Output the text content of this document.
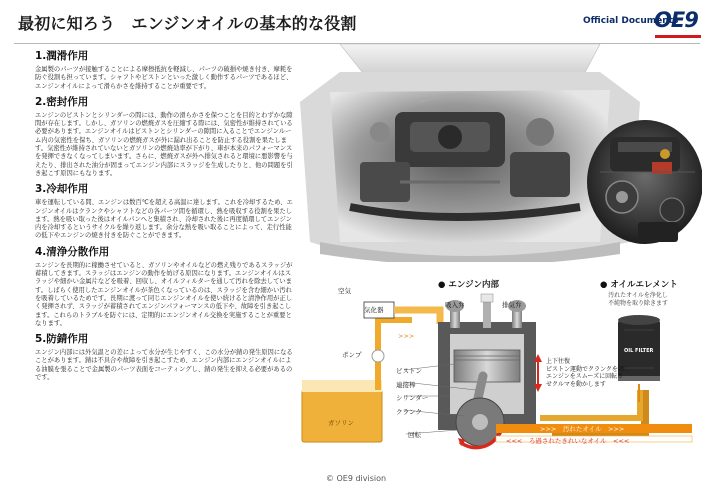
最初に知ろう　エンジンオイルの基本的な役割	Official Documents
OE9
1.潤滑作用
金属製のパーツが接触することによる摩擦抵抗を軽減し、パーツの破損や焼き付き、摩耗を防ぐ役割も担っています。シャフトやピストンといった激しく動作するパーツであるほど、エンジンオイルによって滑らかさを維持することが重要です。
2.密封作用
エンジンのピストンとシリンダーの間には、動作の滑らかさを保つことを目的とわずかな隙間が存在します。しかし、ガソリンの燃焼ガスを圧縮する際には、気密性が維持されている必要があります。エンジンオイルはピストンとシリンダーの隙間に入ることでエンジンルーム内の気密性を保ち、ガソリンの燃焼ガスが外に漏れ出ることを防止する役割を果たします。気密性が維持されていないとガソリンの燃焼効率が下がり、車が本来のパフォーマンスを発揮できなくなってしまいます。さらに、燃焼ガスが外へ排気されると環境に悪影響を与えたり、排出された油分が固まってエンジン内部にスラッジを生成したりと、他の問題を引き起こす原因にもなります。
3.冷却作用
車を運転している間、エンジンは数百℃を超える高温に達します。これを冷却するため、エンジンオイルはクランクやシャフトなどの各パーツ間を循環し、熱を吸収する役割を果たします。熱を吸い取った後はオイルパンへと集積され、冷却された後に再度循環してエンジン内を冷却するというサイクルを繰り返します。余分な熱を吸い取ることによって、走行性能の低下やエンジンの焼き付きを防ぐことができます。
4.清浄分散作用
エンジンを長期的に稼働させていると、ガソリンやオイルなどの燃え残りであるスラッジが蓄積してきます。スラッジはエンジンの動作を妨げる原因になります。エンジンオイルはスラッジや細かい金属片などを吸着、回収し、オイルフィルターを通して汚れを除去しています。しばらく使用したエンジンオイルが茶色くなっているのは、スラッジを含む細かい汚れを吸着しているためです。長期に渡って同じエンジンオイルを使い続けると清浄作用が正しく発揮されず、スラッジが蓄積されてエンジンパフォーマンスの低下や、故障を引き起こします。これらのトラブルを防ぐには、定期的にエンジンオイル交換を実施することが重要となります。
5.防錆作用
エンジン内部には外気温との差によって水分が生じやすく、この水分が錆の発生原因になることがあります。錆は不具合や故障を引き起こすため、エンジン内部にエンジンオイルによる油膜を張ることで金属製のパーツ表面をコーティングし、錆の発生を抑える必要があるのです。
● エンジン内部	● オイルエレメント
汚れたオイルを浄化し
不純物を取り除きます
空気
気化器
ポンプ
吸入弁	排気弁
ピストン
連接棒
シリンダー
クランク
回転
ガソリン
上下往復
ピストン運動でクランクを回し
エンジンをスムーズに回転さ
せクルマを動かします
>>>　汚れたオイル　>>>
<<<　ろ過されたきれいなオイル　<<<
OIL FILTER
>>>
© OE9 division
